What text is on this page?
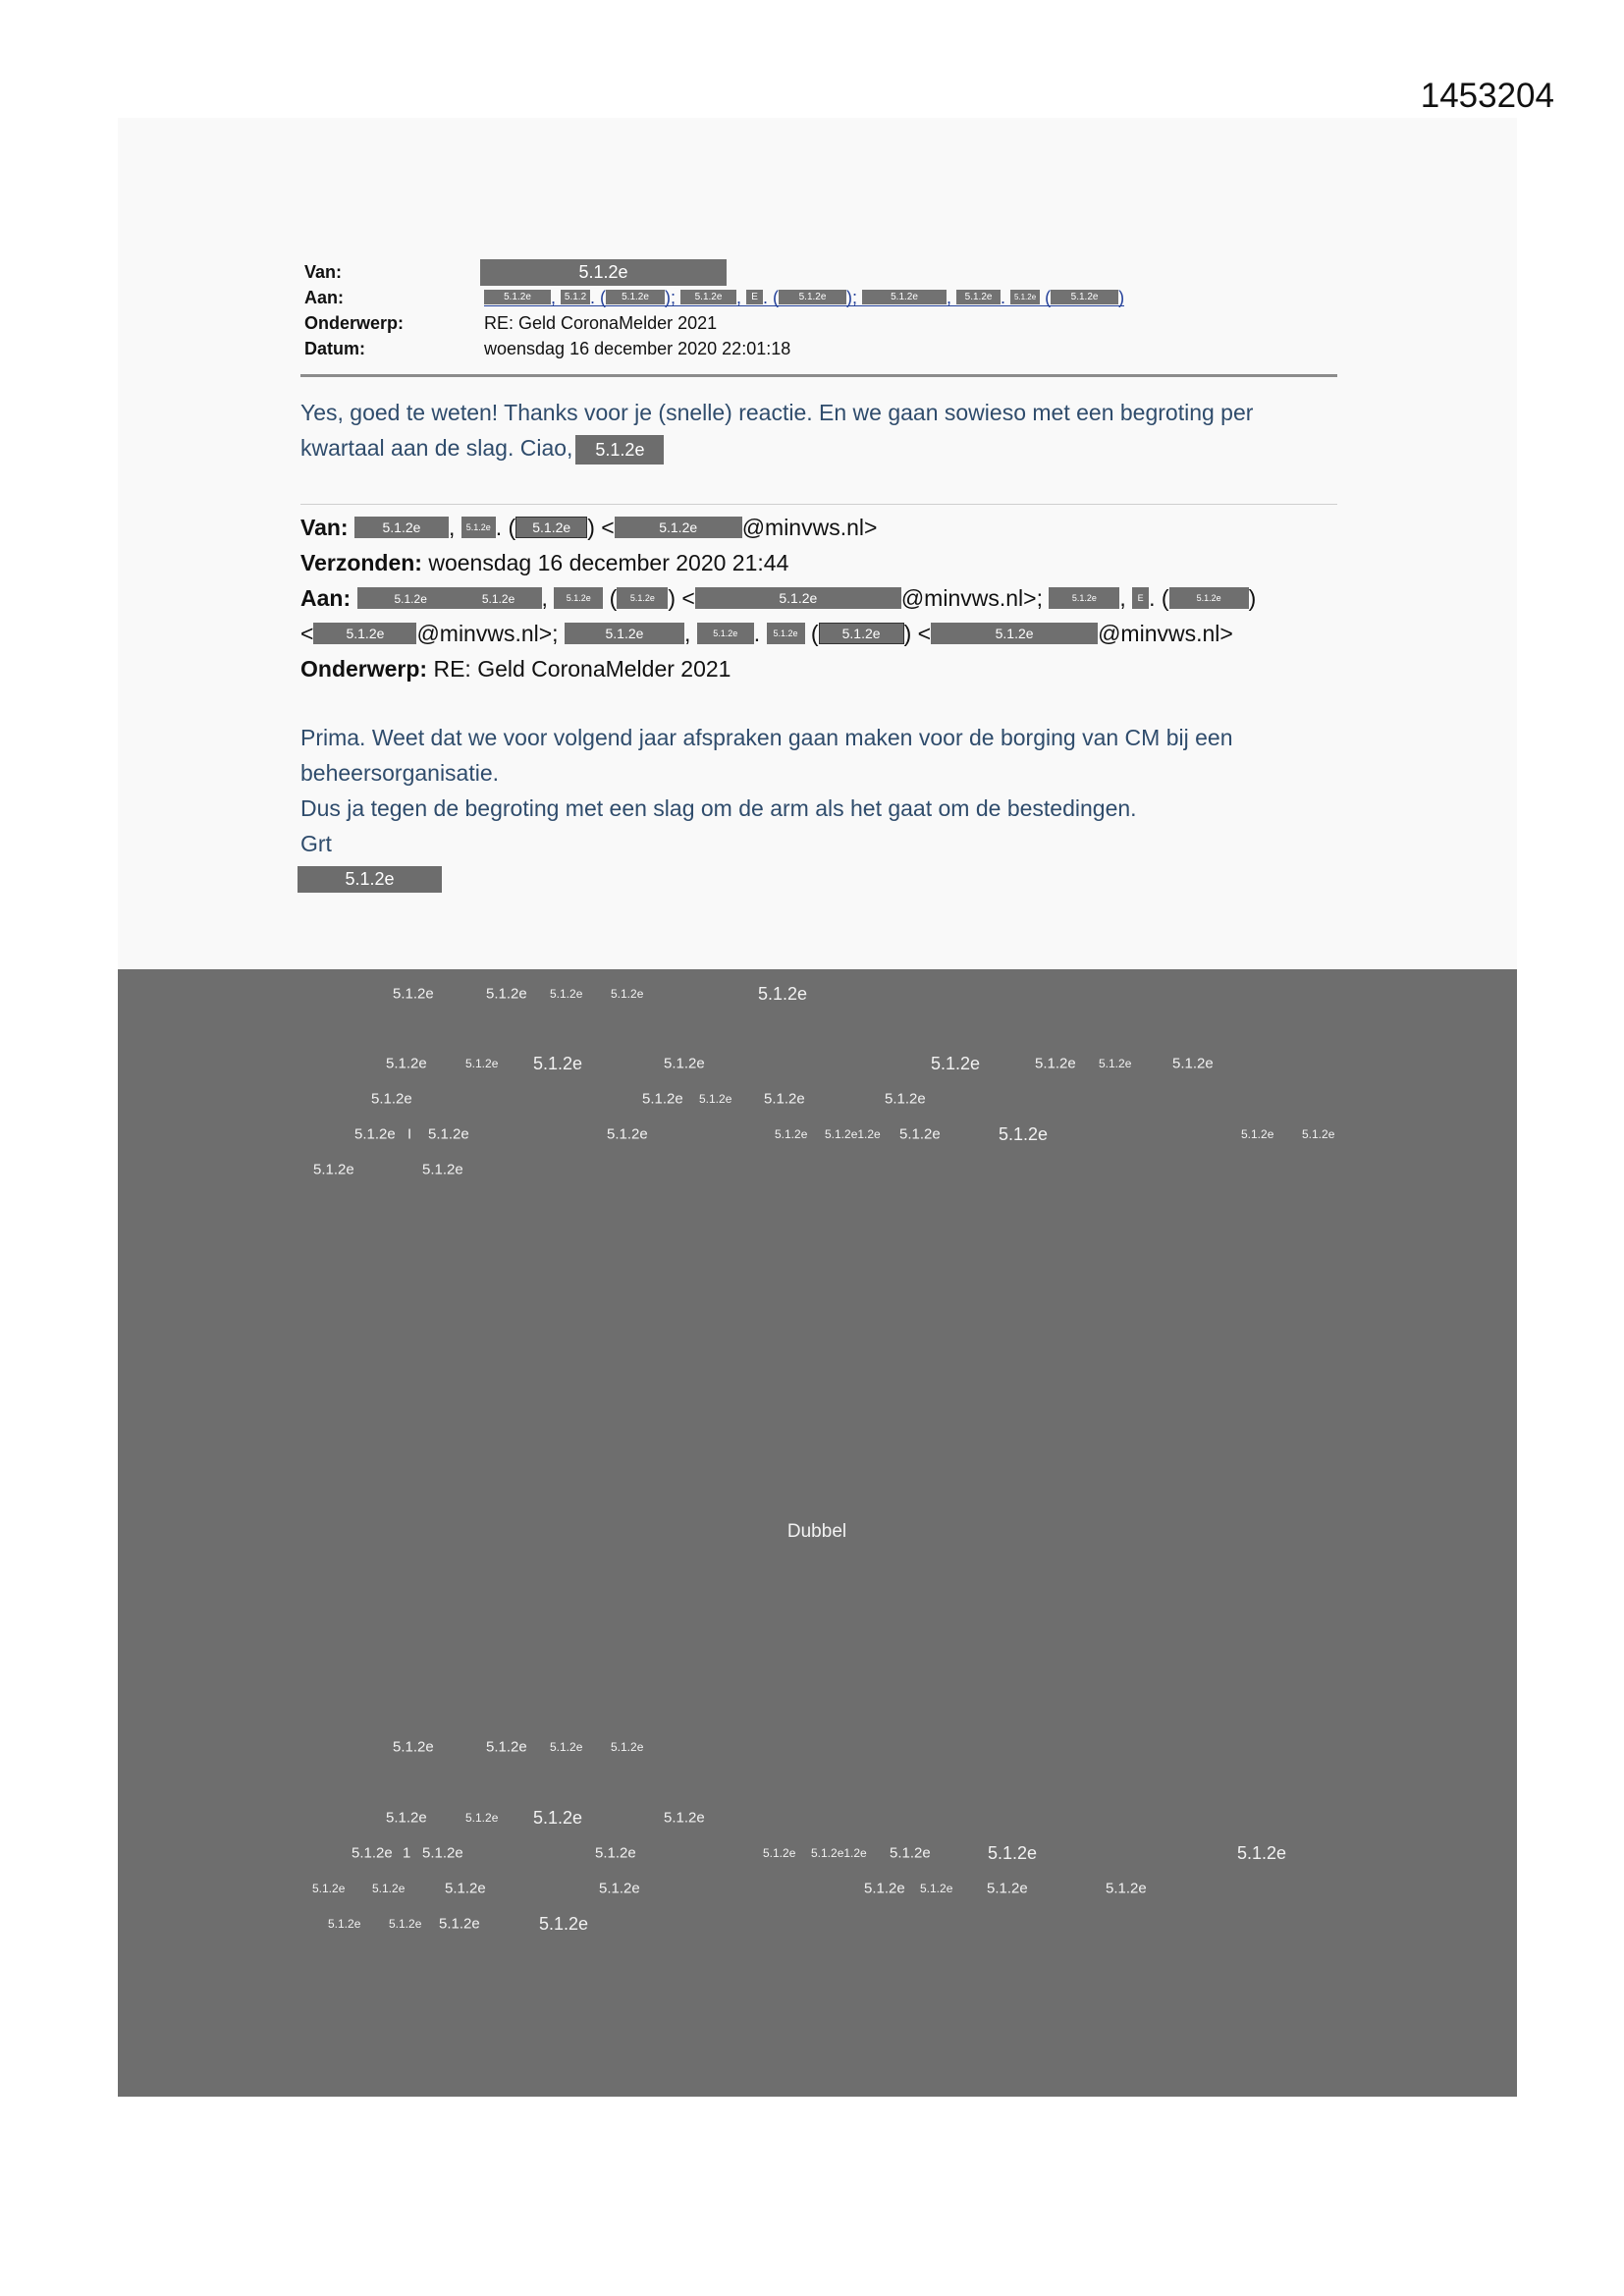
1453204
Van:	5.1.2e
Aan:	5.1.2e	, 5.1.2 . (	5.1.2e );	5.1.2e , E . (	5.1.2e	);	5.1.2e	, 5.1.2e . 5.1.2e (	5.1.2e	)
Onderwerp:	RE: Geld CoronaMelder 2021
Datum:	woensdag 16 december 2020 22:01:18
Yes, goed te weten! Thanks voor je (snelle) reactie. En we gaan sowieso met een begroting per
kwartaal aan de slag. Ciao, 5.1.2e
Van:	5.1.2e	, 5.1.2e . (	5.1.2e ) <	5.1.2e	@minvws.nl>
Verzonden: woensdag 16 december 2020 21:44
Aan:	5.1.2e	5.1.2e	,	5.1.2e (	5.1.2e ) <	5.1.2e	@minvws.nl>;	5.1.2e	, E . (	5.1.2e	)
<	5.1.2e	@minvws.nl>;	5.1.2e	,	5.1.2e . 5.1.2e (	5.1.2e	) <	5.1.2e	@minvws.nl>
Onderwerp: RE: Geld CoronaMelder 2021
Prima. Weet dat we voor volgend jaar afspraken gaan maken voor de borging van CM bij een
beheersorganisatie.
Dus ja tegen de begroting met een slag om de arm als het gaat om de bestedingen.
Grt
5.1.2e
5.1.2e	5.1.2e 5.1.2e 5.1.2e	5.1.2e
5.1.2e	5.1.2e 5.1.2e	5.1.2e	5.1.2e	5.1.2e 5.1.2e	5.1.2e
5.1.2e	5.1.2e 5.1.2e 5.1.2e	5.1.2e
5.1.2e I 5.1.2e	5.1.2e	5.1.2e 5.1.2e1.2e 5.1.2e	5.1.2e	5.1.2e 5.1.2e
5.1.2e	5.1.2e
Dubbel
5.1.2e	5.1.2e 5.1.2e 5.1.2e
5.1.2e	5.1.2e 5.1.2e	5.1.2e
5.1.2e 1 5.1.2e	5.1.2e	5.1.2e 5.1.2e1.2e 5.1.2e	5.1.2e	5.1.2e
5.1.2e 5.1.2e	5.1.2e	5.1.2e	5.1.2e 5.1.2e 5.1.2e	5.1.2e
5.1.2e 5.1.2e 5.1.2e	5.1.2e
